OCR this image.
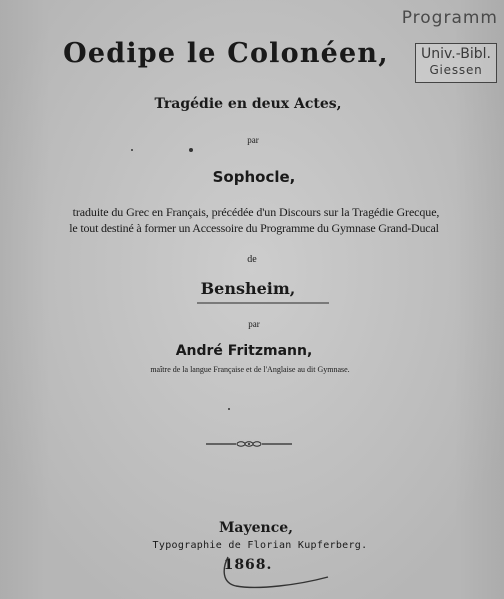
Programm
Univ.-Bibl.
Giessen
Oedipe le Colonéen,
Tragédie en deux Actes,
par
Sophocle,
traduite du Grec en Français, précédée d'un Discours sur la Tragédie Grecque,
le tout destiné à former un Accessoire du Programme du Gymnase Grand-Ducal
de
Bensheim,
par
André Fritzmann,
maître de la langue Française et de l'Anglaise au dit Gymnase.
Mayence,
Typographie de Florian Kupferberg.
1868.
